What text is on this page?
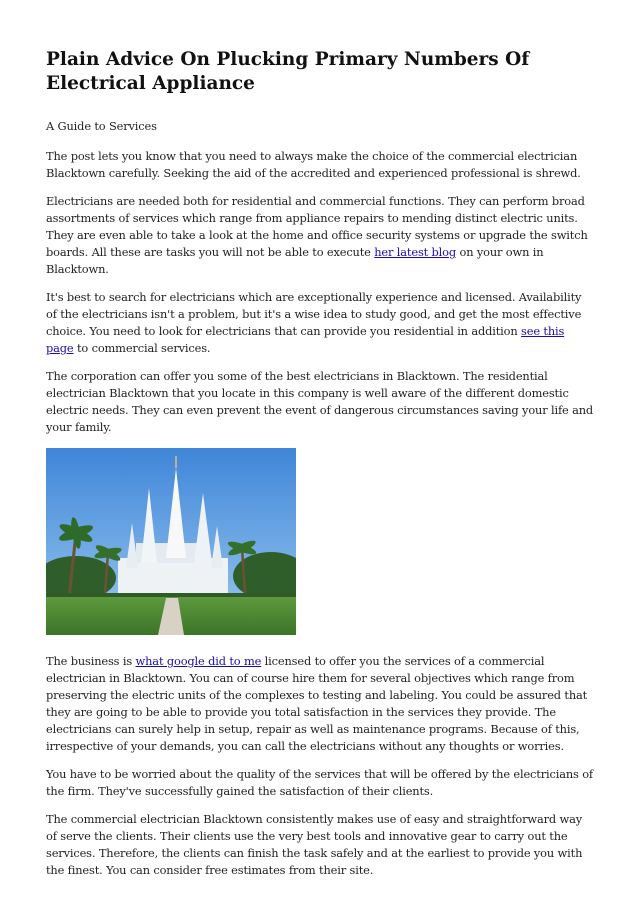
Plain Advice On Plucking Primary Numbers Of Electrical Appliance

A Guide to Services

The post lets you know that you need to always make the choice of the commercial electrician Blacktown carefully. Seeking the aid of the accredited and experienced professional is shrewd.

Electricians are needed both for residential and commercial functions. They can perform broad assortments of services which range from appliance repairs to mending distinct electric units. They are even able to take a look at the home and office security systems or upgrade the switch boards. All these are tasks you will not be able to execute her latest blog on your own in Blacktown.

It's best to search for electricians which are exceptionally experience and licensed. Availability of the electricians isn't a problem, but it's a wise idea to study good, and get the most effective choice. You need to look for electricians that can provide you residential in addition see this page to commercial services.

The corporation can offer you some of the best electricians in Blacktown. The residential electrician Blacktown that you locate in this company is well aware of the different domestic electric needs. They can even prevent the event of dangerous circumstances saving your life and your family.

The business is what google did to me licensed to offer you the services of a commercial electrician in Blacktown. You can of course hire them for several objectives which range from preserving the electric units of the complexes to testing and labeling. You could be assured that they are going to be able to provide you total satisfaction in the services they provide. The electricians can surely help in setup, repair as well as maintenance programs. Because of this, irrespective of your demands, you can call the electricians without any thoughts or worries.

You have to be worried about the quality of the services that will be offered by the electricians of the firm. They've successfully gained the satisfaction of their clients.

The commercial electrician Blacktown consistently makes use of easy and straightforward way of serve the clients. Their clients use the very best tools and innovative gear to carry out the services. Therefore, the clients can finish the task safely and at the earliest to provide you with the finest. You can consider free estimates from their site.
